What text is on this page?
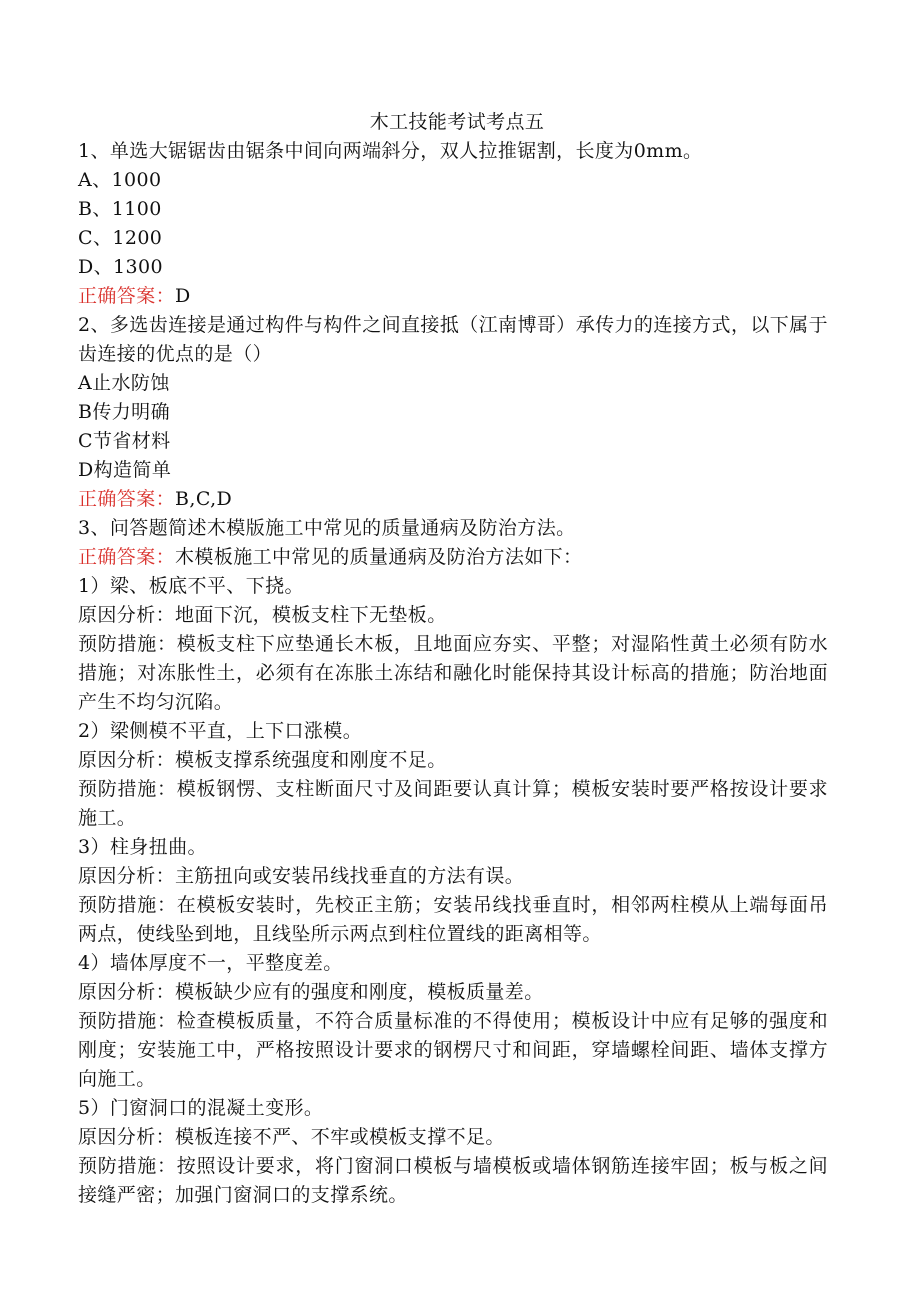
木工技能考试考点五

1、单选大锯锯齿由锯条中间向两端斜分，双人拉推锯割，长度为0mm。

A、1000

B、1100

C、1200

D、1300

正确答案：D

2、多选齿连接是通过构件与构件之间直接抵（江南博哥）承传力的连接方式，以下属于齿连接的优点的是（）

A止水防蚀

B传力明确

C节省材料

D构造简单

正确答案：B,C,D

3、问答题简述木模版施工中常见的质量通病及防治方法。

正确答案：木模板施工中常见的质量通病及防治方法如下：

1）梁、板底不平、下挠。

原因分析：地面下沉，模板支柱下无垫板。

预防措施：模板支柱下应垫通长木板，且地面应夯实、平整；对湿陷性黄土必须有防水措施；对冻胀性土，必须有在冻胀土冻结和融化时能保持其设计标高的措施；防治地面产生不均匀沉陷。

2）梁侧模不平直，上下口涨模。

原因分析：模板支撑系统强度和刚度不足。

预防措施：模板钢愣、支柱断面尺寸及间距要认真计算；模板安装时要严格按设计要求施工。

3）柱身扭曲。

原因分析：主筋扭向或安装吊线找垂直的方法有误。

预防措施：在模板安装时，先校正主筋；安装吊线找垂直时，相邻两柱模从上端每面吊两点，使线坠到地，且线坠所示两点到柱位置线的距离相等。

4）墙体厚度不一，平整度差。

原因分析：模板缺少应有的强度和刚度，模板质量差。

预防措施：检查模板质量，不符合质量标准的不得使用；模板设计中应有足够的强度和刚度；安装施工中，严格按照设计要求的钢楞尺寸和间距，穿墙螺栓间距、墙体支撑方向施工。

5）门窗洞口的混凝土变形。

原因分析：模板连接不严、不牢或模板支撑不足。

预防措施：按照设计要求，将门窗洞口模板与墙模板或墙体钢筋连接牢固；板与板之间接缝严密；加强门窗洞口的支撑系统。
